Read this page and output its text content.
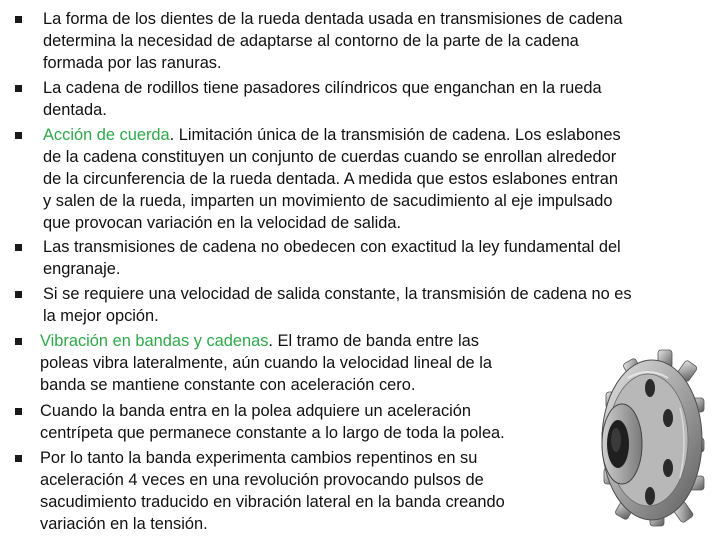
La forma de los dientes de la rueda dentada usada en transmisiones de cadena
determina la necesidad de adaptarse al contorno de la parte de la cadena
formada por las ranuras.
La cadena de rodillos tiene pasadores cilíndricos que enganchan en la rueda
dentada.
Acción de cuerda. Limitación única de la transmisión de cadena. Los eslabones
de la cadena constituyen un conjunto de cuerdas cuando se enrollan alrededor
de la circunferencia de la rueda dentada. A medida que estos eslabones entran
y salen de la rueda, imparten un movimiento de sacudimiento al eje impulsado
que provocan variación en la velocidad de salida.
Las transmisiones de cadena no obedecen con exactitud la ley fundamental del
engranaje.
Si se requiere una velocidad de salida constante, la transmisión de cadena no es
la mejor opción.
Vibración en bandas y cadenas. El tramo de banda entre las
poleas vibra lateralmente, aún cuando la velocidad lineal de la
banda se mantiene constante con aceleración cero.
Cuando la banda entra en la polea adquiere un aceleración
centrípeta que permanece constante a lo largo de toda la polea.
Por lo tanto la banda experimenta cambios repentinos en su
aceleración 4 veces en una revolución provocando pulsos de
sacudimiento traducido en vibración lateral en la banda creando
variación en la tensión.
